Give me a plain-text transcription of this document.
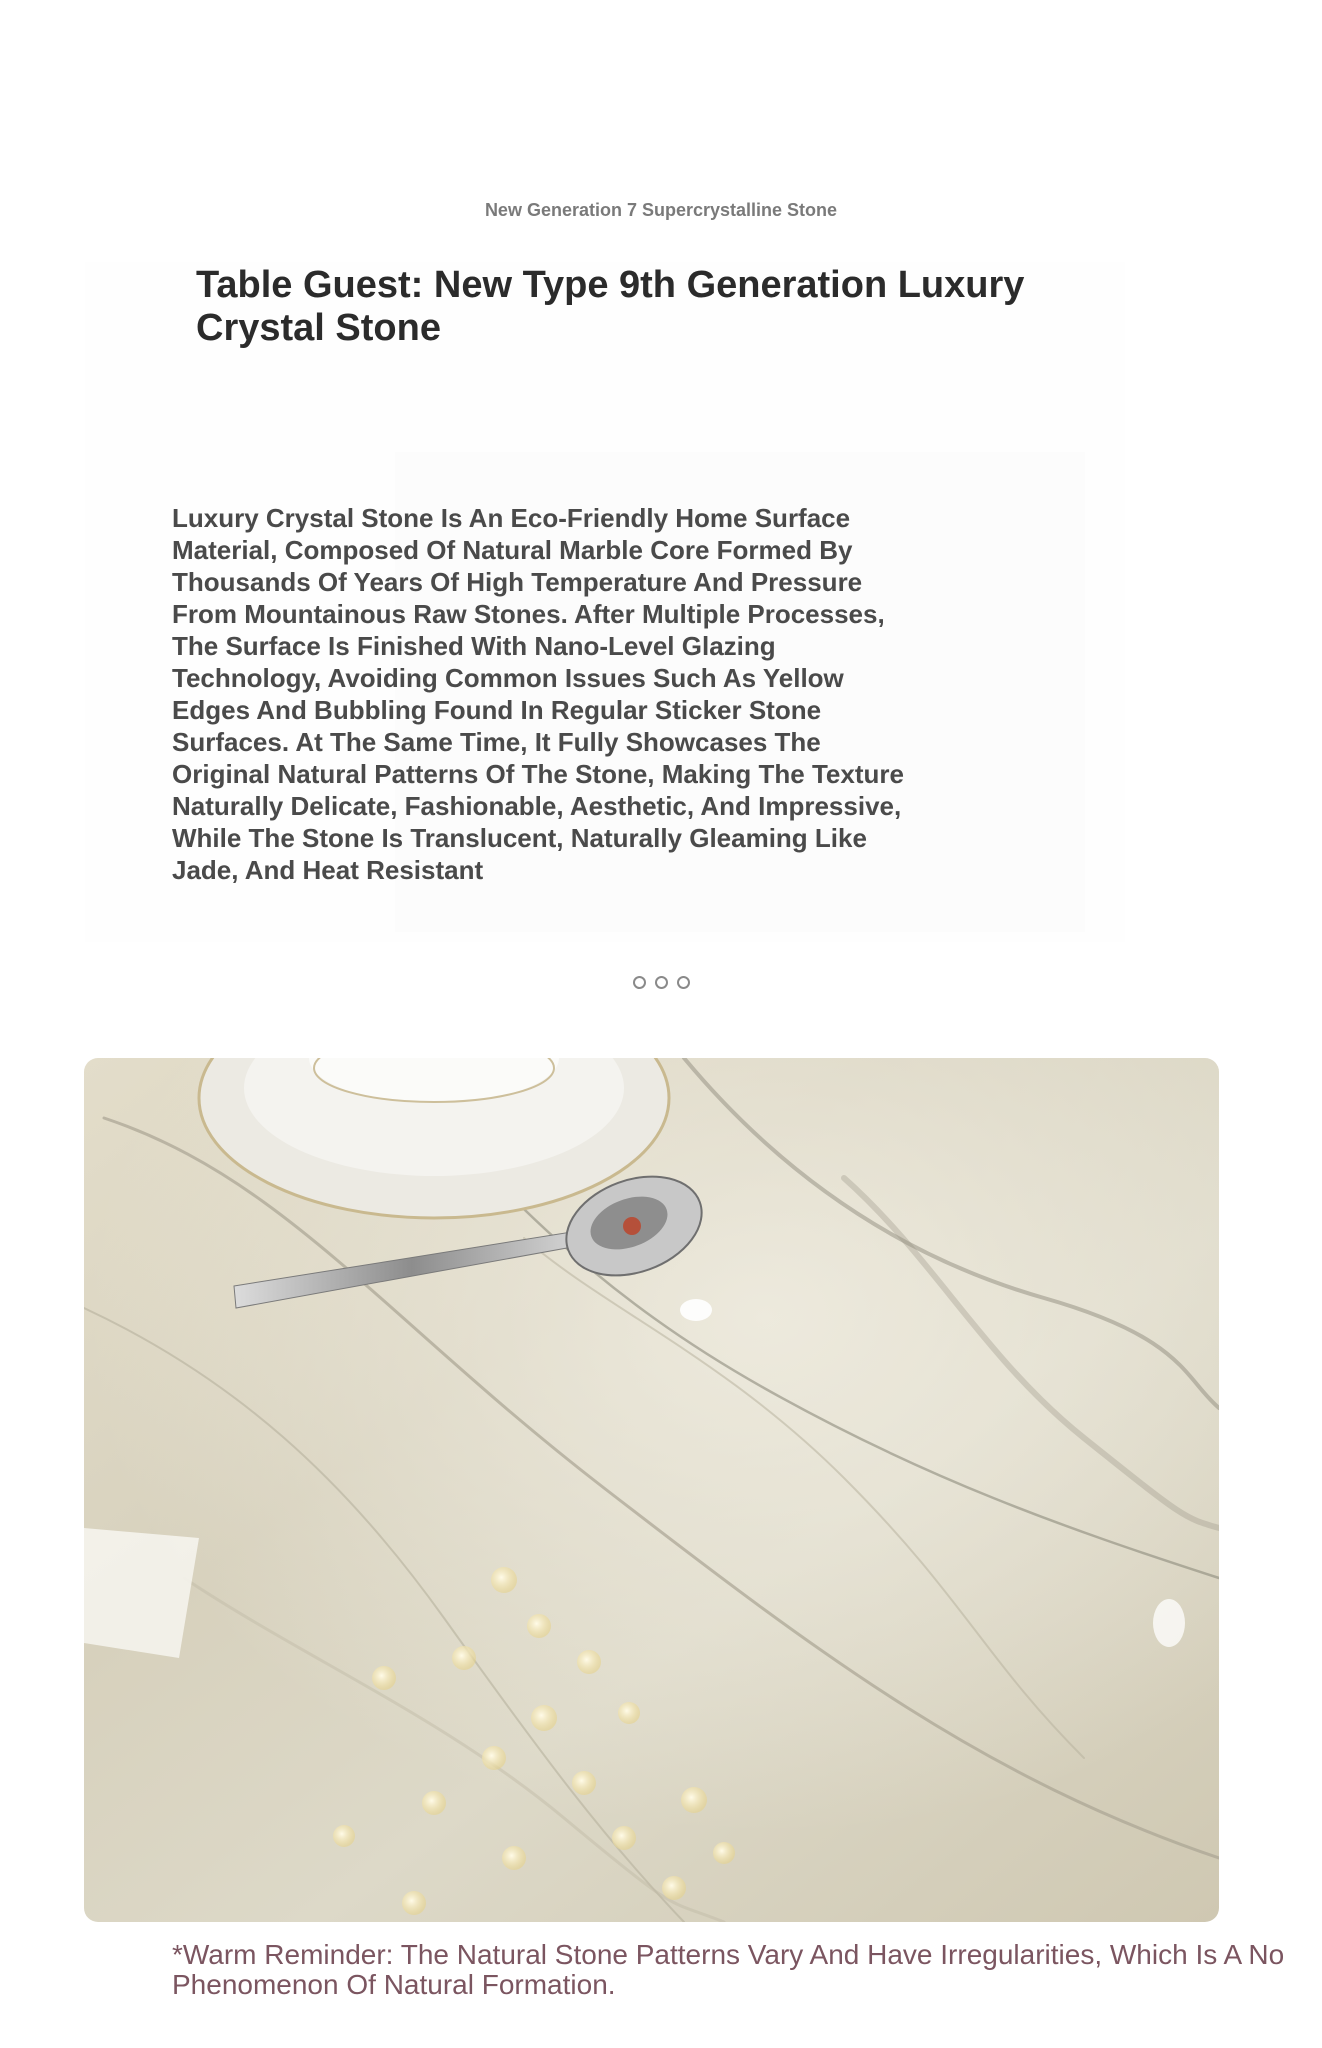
New Generation 7 Supercrystalline Stone
Table Guest: New Type 9th Generation Luxury Crystal Stone

Luxury Crystal Stone Is An Eco-Friendly Home Surface Material, Composed Of Natural Marble Core Formed By Thousands Of Years Of High Temperature And Pressure From Mountainous Raw Stones. After Multiple Processes, The Surface Is Finished With Nano-Level Glazing Technology, Avoiding Common Issues Such As Yellow Edges And Bubbling Found In Regular Sticker Stone Surfaces. At The Same Time, It Fully Showcases The Original Natural Patterns Of The Stone, Making The Texture Naturally Delicate, Fashionable, Aesthetic, And Impressive, While The Stone Is Translucent, Naturally Gleaming Like Jade, And Heat Resistant

*Warm Reminder: The Natural Stone Patterns Vary And Have Irregularities, Which Is A No
Phenomenon Of Natural Formation.
